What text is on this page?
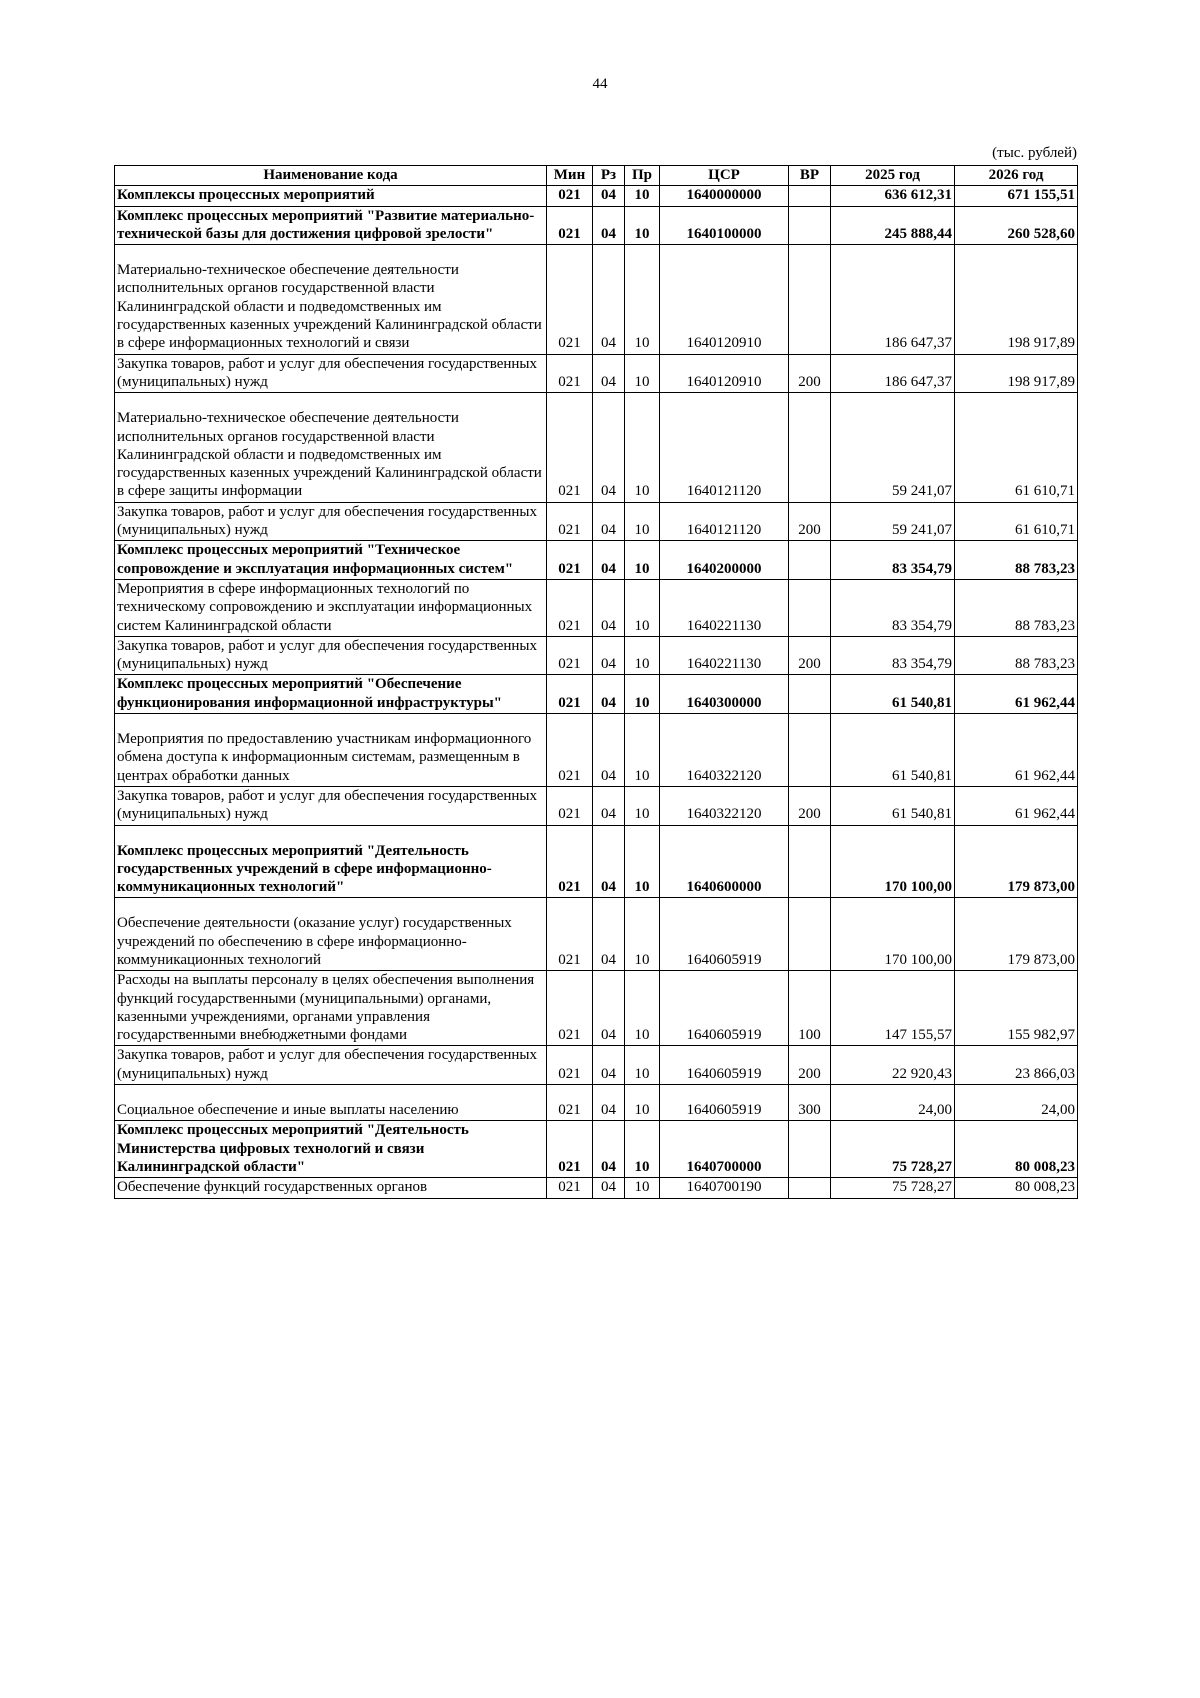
44
(тыс. рублей)
Наименование кода	Мин	Рз	Пр	ЦСР	ВР	2025 год	2026 год
Комплексы процессных мероприятий	021	04	10	1640000000		636 612,31	671 155,51
Комплекс процессных мероприятий "Развитие материально-технической базы для достижения цифровой зрелости"	021	04	10	1640100000		245 888,44	260 528,60
Материально-техническое обеспечение деятельности исполнительных органов государственной власти Калининградской области и подведомственных им государственных казенных учреждений Калининградской области в сфере информационных технологий и связи	021	04	10	1640120910		186 647,37	198 917,89
Закупка товаров, работ и услуг для обеспечения государственных (муниципальных) нужд	021	04	10	1640120910	200	186 647,37	198 917,89
Материально-техническое обеспечение деятельности исполнительных органов государственной власти Калининградской области и подведомственных им государственных казенных учреждений Калининградской области в сфере защиты информации	021	04	10	1640121120		59 241,07	61 610,71
Закупка товаров, работ и услуг для обеспечения государственных (муниципальных) нужд	021	04	10	1640121120	200	59 241,07	61 610,71
Комплекс процессных мероприятий "Техническое сопровождение и эксплуатация информационных систем"	021	04	10	1640200000		83 354,79	88 783,23
Мероприятия в сфере информационных технологий по техническому сопровождению и эксплуатации информационных систем Калининградской области	021	04	10	1640221130		83 354,79	88 783,23
Закупка товаров, работ и услуг для обеспечения государственных (муниципальных) нужд	021	04	10	1640221130	200	83 354,79	88 783,23
Комплекс процессных мероприятий "Обеспечение функционирования информационной инфраструктуры"	021	04	10	1640300000		61 540,81	61 962,44
Мероприятия по предоставлению участникам информационного обмена доступа к информационным системам, размещенным в центрах обработки данных	021	04	10	1640322120		61 540,81	61 962,44
Закупка товаров, работ и услуг для обеспечения государственных (муниципальных) нужд	021	04	10	1640322120	200	61 540,81	61 962,44
Комплекс процессных мероприятий "Деятельность государственных учреждений в сфере информационно-коммуникационных технологий"	021	04	10	1640600000		170 100,00	179 873,00
Обеспечение деятельности (оказание услуг) государственных учреждений по обеспечению в сфере информационно-коммуникационных технологий	021	04	10	1640605919		170 100,00	179 873,00
Расходы на выплаты персоналу в целях обеспечения выполнения функций государственными (муниципальными) органами, казенными учреждениями, органами управления государственными внебюджетными фондами	021	04	10	1640605919	100	147 155,57	155 982,97
Закупка товаров, работ и услуг для обеспечения государственных (муниципальных) нужд	021	04	10	1640605919	200	22 920,43	23 866,03
Социальное обеспечение и иные выплаты населению	021	04	10	1640605919	300	24,00	24,00
Комплекс процессных мероприятий "Деятельность Министерства цифровых технологий и связи Калининградской области"	021	04	10	1640700000		75 728,27	80 008,23
Обеспечение функций государственных органов	021	04	10	1640700190		75 728,27	80 008,23
